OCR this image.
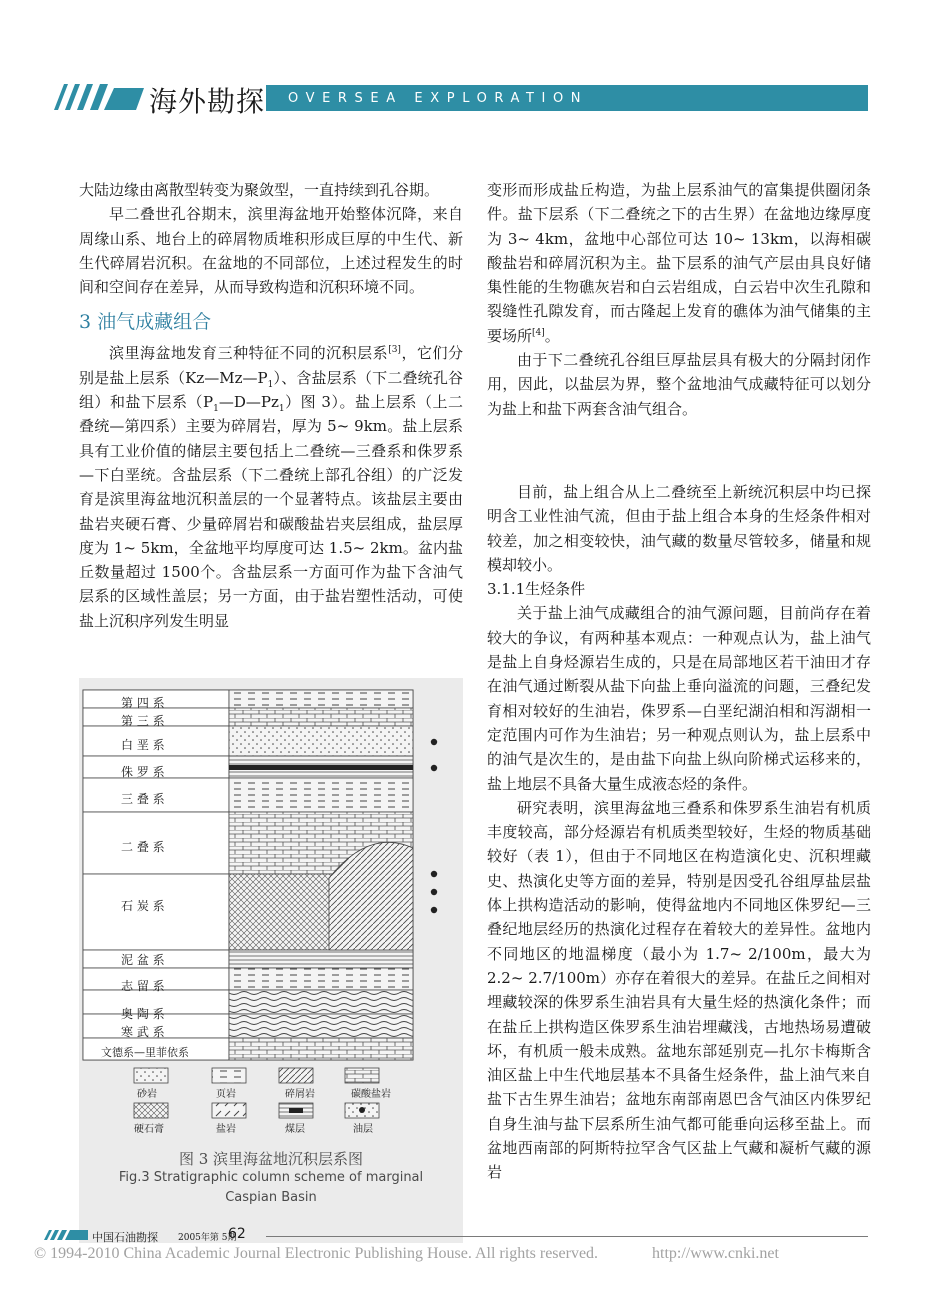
海外勘探 OVERSEA EXPLORATION

大陆边缘由离散型转变为聚敛型，一直持续到孔谷期。

早二叠世孔谷期末，滨里海盆地开始整体沉降，来自周缘山系、地台上的碎屑物质堆积形成巨厚的中生代、新生代碎屑岩沉积。在盆地的不同部位，上述过程发生的时间和空间存在差异，从而导致构造和沉积环境不同。

3 油气成藏组合

滨里海盆地发育三种特征不同的沉积层系[3]，它们分别是盐上层系$(Kz—Mz—P_1)$、含盐层系（下二叠统孔谷组）和盐下层系$(P_1—D—Pz_1)$图 3）。盐上层系（上二叠统—第四系）主要为碎屑岩，厚为 5~ 9km。盐上层系具有工业价值的储层主要包括上二叠统—三叠系和侏罗系—下白垩统。含盐层系（下二叠统上部孔谷组）的广泛发育是滨里海盆地沉积盖层的一个显著特点。该盐层主要由盐岩夹硬石膏、少量碎屑岩和碳酸盐岩夹层组成，盐层厚度为 1~ 5km，全盆地平均厚度可达 1.5~ 2km。盆内盐丘数量超过 1500个。含盐层系一方面可作为盐下含油气层系的区域性盖层；另一方面，由于盐岩塑性活动，可使盐上沉积序列发生明显

变形而形成盐丘构造，为盐上层系油气的富集提供圈闭条件。盐下层系（下二叠统之下的古生界）在盆地边缘厚度为 3~ 4km，盆地中心部位可达 10~ 13km，以海相碳酸盐岩和碎屑沉积为主。盐下层系的油气产层由具良好储集性能的生物礁灰岩和白云岩组成，白云岩中次生孔隙和裂缝性孔隙发育，而古隆起上发育的礁体为油气储集的主要场所[4]。

由于下二叠统孔谷组巨厚盐层具有极大的分隔封闭作用，因此，以盐层为界，整个盆地油气成藏特征可以划分为盐上和盐下两套含油气组合。

目前，盐上组合从上二叠统至上新统沉积层中均已探明含工业性油气流，但由于盐上组合本身的生烃条件相对较差，加之相变较快，油气藏的数量尽管较多，储量和规模却较小。

3.1.1生烃条件

关于盐上油气成藏组合的油气源问题，目前尚存在着较大的争议，有两种基本观点：一种观点认为，盐上油气是盐上自身烃源岩生成的，只是在局部地区若干油田才存在油气通过断裂从盐下向盐上垂向溢流的问题，三叠纪发育相对较好的生油岩，侏罗系—白垩纪湖泊相和泻湖相一定范围内可作为生油岩；另一种观点则认为，盐上层系中的油气是次生的，是由盐下向盐上纵向阶梯式运移来的，盐上地层不具备大量生成液态烃的条件。

研究表明，滨里海盆地三叠系和侏罗系生油岩有机质丰度较高，部分烃源岩有机质类型较好，生烃的物质基础较好（表 1），但由于不同地区在构造演化史、沉积埋藏史、热演化史等方面的差异，特别是因受孔谷组厚盐层盐体上拱构造活动的影响，使得盆地内不同地区侏罗纪—三叠纪地层经历的热演化过程存在着较大的差异性。盆地内不同地区的地温梯度（最小为 1.7~ 2/100m，最大为 2.2~ 2.7/100m）亦存在着很大的差异。在盐丘之间相对埋藏较深的侏罗系生油岩具有大量生烃的热演化条件；而在盐丘上拱构造区侏罗系生油岩埋藏浅，古地热场易遭破坏，有机质一般未成熟。盆地东部延别克—扎尔卡梅斯含油区盐上中生代地层基本不具备生烃条件，盐上油气来自盐下古生界生油岩；盆地东南部南恩巴含气油区内侏罗纪自身生油与盐下层系所生油气都可能垂向运移至盐上。而盆地西南部的阿斯特拉罕含气区盐上气藏和凝析气藏的源岩

第 四 系
第 三 系
白 垩 系
侏 罗 系
三 叠 系
二 叠 系
石 炭 系
泥 盆 系
志 留 系
奥 陶 系
寒 武 系
文德系—里菲依系
砂岩	页岩	碎屑岩	碳酸盐岩
硬石膏	盐岩	煤层	油层
图 3 滨里海盆地沉积层系图
Fig.3 Stratigraphic column scheme of marginal
Caspian Basin
中国石油勘探 2005年第 5期
62
© 1994-2010 China Academic Journal Electronic Publishing House. All rights reserved.	http://www.cnki.net
